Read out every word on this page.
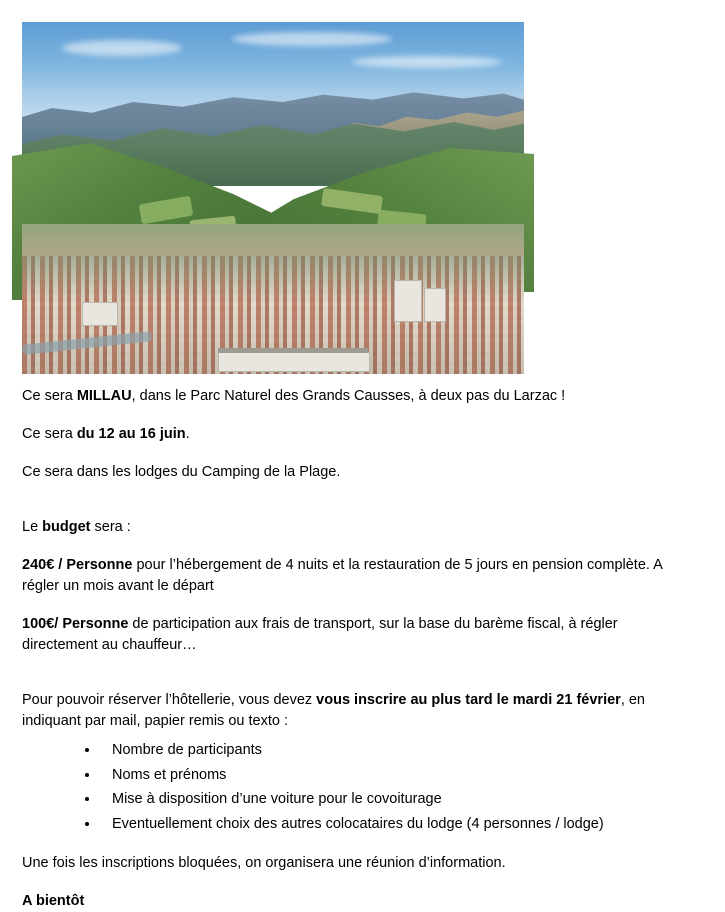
Ce sera MILLAU, dans le Parc Naturel des Grands Causses, à deux pas du Larzac !

Ce sera du 12 au 16 juin.

Ce sera dans les lodges du Camping de la Plage.

Le budget sera :

240€ / Personne pour l’hébergement de 4 nuits et la restauration de 5 jours en pension complète. A régler un mois avant le départ

100€/ Personne de participation aux frais de transport, sur la base du barème fiscal, à régler directement au chauffeur…

Pour pouvoir réserver l’hôtellerie, vous devez vous inscrire au plus tard le mardi 21 février, en indiquant par mail, papier remis ou texto :

• Nombre de participants
• Noms et prénoms
• Mise à disposition d’une voiture pour le covoiturage
• Eventuellement choix des autres colocataires du lodge (4 personnes / lodge)

Une fois les inscriptions bloquées, on organisera une réunion d’information.

A bientôt
